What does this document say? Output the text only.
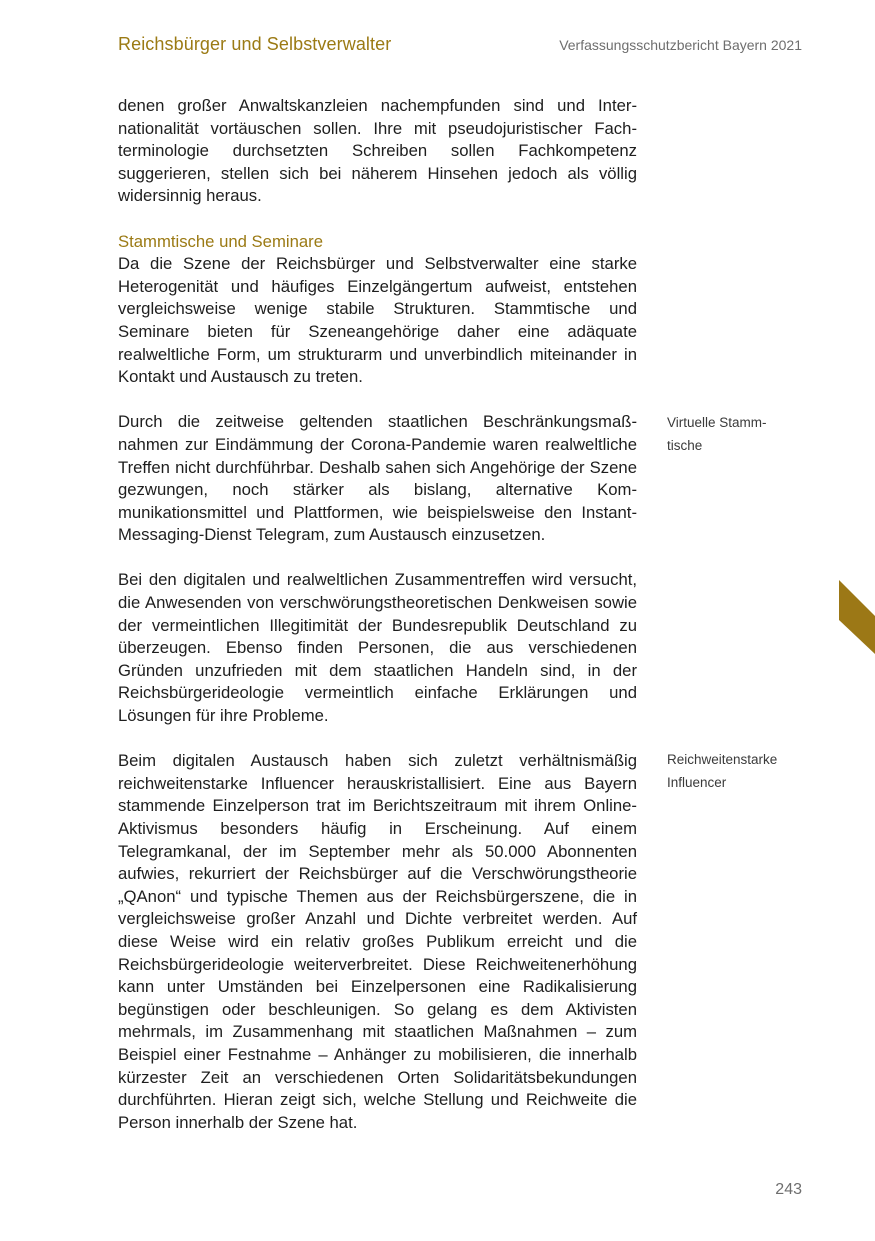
Reichsbürger und Selbstverwalter	Verfassungsschutzbericht Bayern 2021

denen großer Anwaltskanzleien nachempfunden sind und Internationalität vortäuschen sollen. Ihre mit pseudojuristischer Fachterminologie durchsetzten Schreiben sollen Fachkompetenz suggerieren, stellen sich bei näherem Hinsehen jedoch als völlig widersinnig heraus.

Stammtische und Seminare

Da die Szene der Reichsbürger und Selbstverwalter eine starke Heterogenität und häufiges Einzelgängertum aufweist, entstehen vergleichsweise wenige stabile Strukturen. Stammtische und Seminare bieten für Szeneangehörige daher eine adäquate realweltliche Form, um strukturarm und unverbindlich miteinander in Kontakt und Austausch zu treten.

Durch die zeitweise geltenden staatlichen Beschränkungsmaßnahmen zur Eindämmung der Corona-Pandemie waren realweltliche Treffen nicht durchführbar. Deshalb sahen sich Angehörige der Szene gezwungen, noch stärker als bislang, alternative Kommunikationsmittel und Plattformen, wie beispielsweise den Instant-Messaging-Dienst Telegram, zum Austausch einzusetzen.

Bei den digitalen und realweltlichen Zusammentreffen wird versucht, die Anwesenden von verschwörungstheoretischen Denkweisen sowie der vermeintlichen Illegitimität der Bundesrepublik Deutschland zu überzeugen. Ebenso finden Personen, die aus verschiedenen Gründen unzufrieden mit dem staatlichen Handeln sind, in der Reichsbürgerideologie vermeintlich einfache Erklärungen und Lösungen für ihre Probleme.

Beim digitalen Austausch haben sich zuletzt verhältnismäßig reichweitenstarke Influencer herauskristallisiert. Eine aus Bayern stammende Einzelperson trat im Berichtszeitraum mit ihrem Online-Aktivismus besonders häufig in Erscheinung. Auf einem Telegramkanal, der im September mehr als 50.000 Abonnenten aufwies, rekurriert der Reichsbürger auf die Verschwörungstheorie „QAnon“ und typische Themen aus der Reichsbürgerszene, die in vergleichsweise großer Anzahl und Dichte verbreitet werden. Auf diese Weise wird ein relativ großes Publikum erreicht und die Reichsbürgerideologie weiterverbreitet. Diese Reichweitenerhöhung kann unter Umständen bei Einzelpersonen eine Radikalisierung begünstigen oder beschleunigen. So gelang es dem Aktivisten mehrmals, im Zusammenhang mit staatlichen Maßnahmen – zum Beispiel einer Festnahme – Anhänger zu mobilisieren, die innerhalb kürzester Zeit an verschiedenen Orten Solidaritätsbekundungen durchführten. Hieran zeigt sich, welche Stellung und Reichweite die Person innerhalb der Szene hat.

Virtuelle Stamm-
tische
Reichweitenstarke
Influencer
243
